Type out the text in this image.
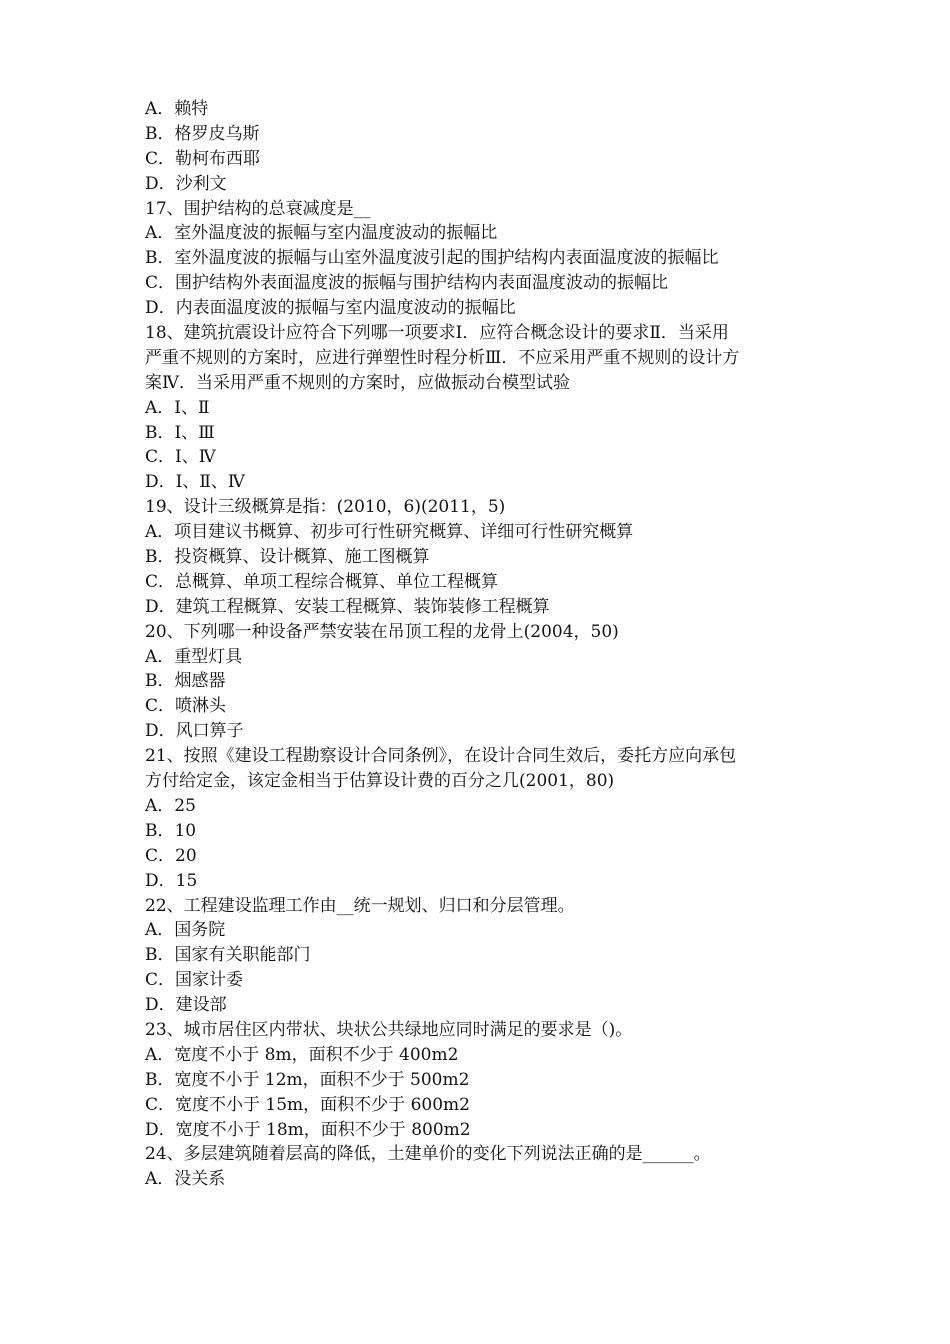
A．赖特
B．格罗皮乌斯
C．勒柯布西耶
D．沙利文
17、围护结构的总衰减度是__
A．室外温度波的振幅与室内温度波动的振幅比
B．室外温度波的振幅与山室外温度波引起的围护结构内表面温度波的振幅比
C．围护结构外表面温度波的振幅与围护结构内表面温度波动的振幅比
D．内表面温度波的振幅与室内温度波动的振幅比
18、建筑抗震设计应符合下列哪一项要求Ⅰ．应符合概念设计的要求Ⅱ．当采用
严重不规则的方案时，应进行弹塑性时程分析Ⅲ．不应采用严重不规则的设计方
案Ⅳ．当采用严重不规则的方案时，应做振动台模型试验
A．Ⅰ、Ⅱ
B．Ⅰ、Ⅲ
C．Ⅰ、Ⅳ
D．Ⅰ、Ⅱ、Ⅳ
19、设计三级概算是指：(2010，6)(2011，5)
A．项目建议书概算、初步可行性研究概算、详细可行性研究概算
B．投资概算、设计概算、施工图概算
C．总概算、单项工程综合概算、单位工程概算
D．建筑工程概算、安装工程概算、装饰装修工程概算
20、下列哪一种设备严禁安装在吊顶工程的龙骨上(2004，50)
A．重型灯具
B．烟感器
C．喷淋头
D．风口箅子
21、按照《建设工程勘察设计合同条例》，在设计合同生效后，委托方应向承包
方付给定金，该定金相当于估算设计费的百分之几(2001，80)
A．25
B．10
C．20
D．15
22、工程建设监理工作由__统一规划、归口和分层管理。
A．国务院
B．国家有关职能部门
C．国家计委
D．建设部
23、城市居住区内带状、块状公共绿地应同时满足的要求是（)。
A．宽度不小于 8m，面积不少于 400m2
B．宽度不小于 12m，面积不少于 500m2
C．宽度不小于 15m，面积不少于 600m2
D．宽度不小于 18m，面积不少于 800m2
24、多层建筑随着层高的降低，土建单价的变化下列说法正确的是______。
A．没关系
